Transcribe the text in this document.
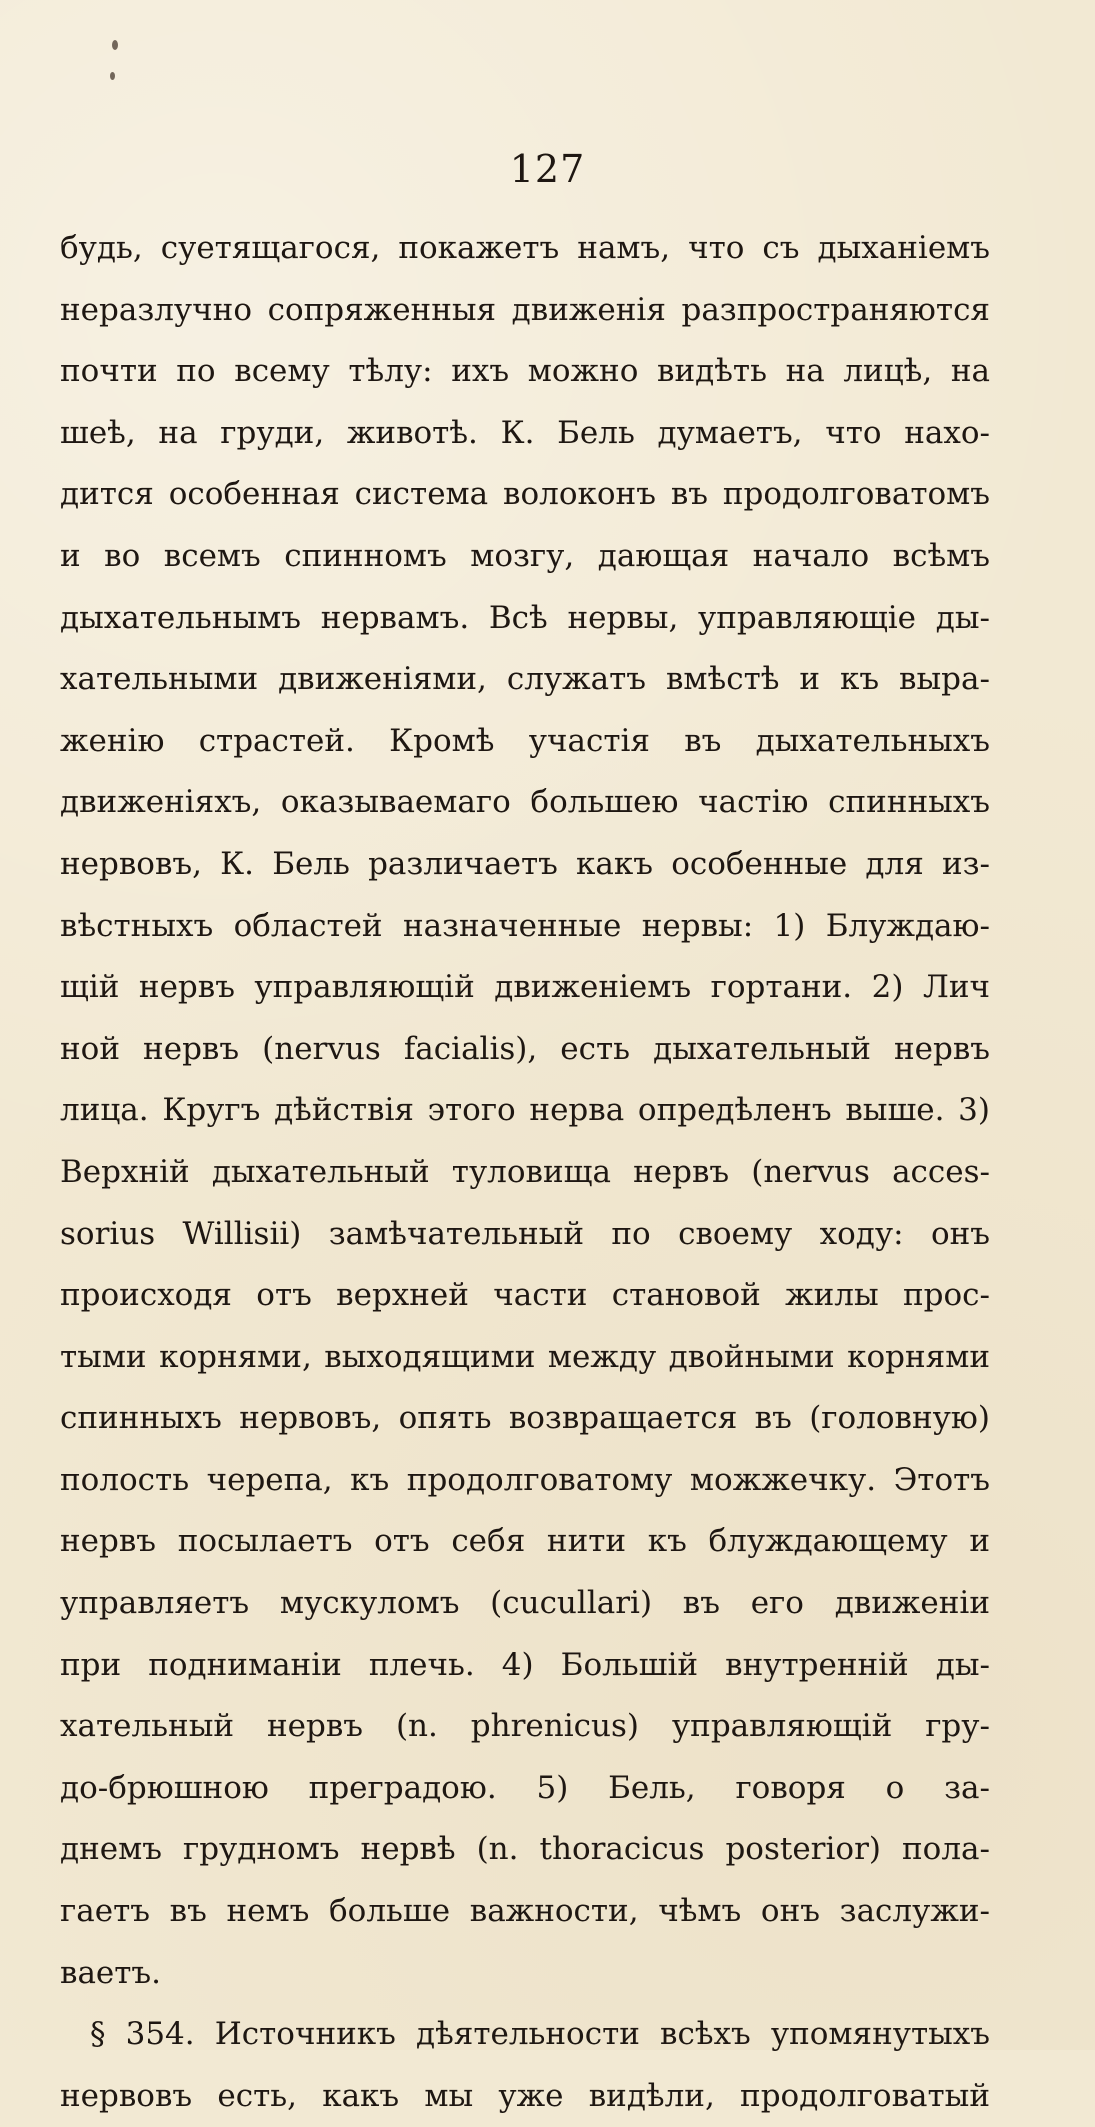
127
будь, суетящагося, покажетъ намъ, что съ дыханіемъ
неразлучно сопряженныя движенія разпространяются
почти по всему тѣлу: ихъ можно видѣть на лицѣ, на
шеѣ, на груди, животѣ. К. Бель думаетъ, что нахо-
дится особенная система волоконъ въ продолговатомъ
и во всемъ спинномъ мозгу, дающая начало всѣмъ
дыхательнымъ нервамъ. Всѣ нервы, управляющіе ды-
хательными движеніями, служатъ вмѣстѣ и къ выра-
женію страстей. Кромѣ участія въ дыхательныхъ
движеніяхъ, оказываемаго большею частію спинныхъ
нервовъ, К. Бель различаетъ какъ особенные для из-
вѣстныхъ областей назначенные нервы: 1) Блуждаю-
щій нервъ управляющій движеніемъ гортани. 2) Лич
ной нервъ (nervus facialis), есть дыхательный нервъ
лица. Кругъ дѣйствія этого нерва опредѣленъ выше. 3)
Верхній дыхательный туловища нервъ (nervus acces-
sorius Willisii) замѣчательный по своему ходу: онъ
происходя отъ верхней части становой жилы прос-
тыми корнями, выходящими между двойными корнями
спинныхъ нервовъ, опять возвращается въ (головную)
полость черепа, къ продолговатому можжечку. Этотъ
нервъ посылаетъ отъ себя нити къ блуждающему и
управляетъ мускуломъ (cucullari) въ его движеніи
при подниманіи плечь. 4) Большій внутренній ды-
хательный нервъ (n. phrenicus) управляющій гру-
до-брюшною преградою. 5) Бель, говоря о за-
днемъ грудномъ нервѣ (n. thoracicus posterior) пола-
гаетъ въ немъ больше важности, чѣмъ онъ заслужи-
ваетъ.
§ 354. Источникъ дѣятельности всѣхъ упомянутыхъ
нервовъ есть, какъ мы уже видѣли, продолговатый
